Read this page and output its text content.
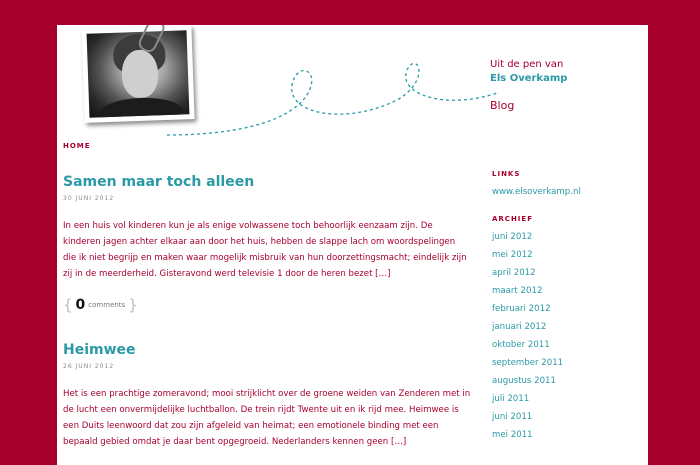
Uit de pen van
Els Overkamp
Blog
HOME
Samen maar toch alleen
30 JUNI 2012
In een huis vol kinderen kun je als enige volwassene toch behoorlijk eenzaam zijn. De kinderen jagen achter elkaar aan door het huis, hebben de slappe lach om woordspelingen die ik niet begrijp en maken waar mogelijk misbruik van hun doorzettingsmacht; eindelijk zijn zij in de meerderheid. Gisteravond werd televisie 1 door de heren bezet […]
{ 0 comments }
Heimwee
26 JUNI 2012
Het is een prachtige zomeravond; mooi strijklicht over de groene weiden van Zenderen met in de lucht een onvermijdelijke luchtballon. De trein rijdt Twente uit en ik rijd mee. Heimwee is een Duits leenwoord dat zou zijn afgeleid van heimat; een emotionele binding met een bepaald gebied omdat je daar bent opgegroeid. Nederlanders kennen geen […]
LINKS
www.elsoverkamp.nl
ARCHIEF
juni 2012
mei 2012
april 2012
maart 2012
februari 2012
januari 2012
oktober 2011
september 2011
augustus 2011
juli 2011
juni 2011
mei 2011
